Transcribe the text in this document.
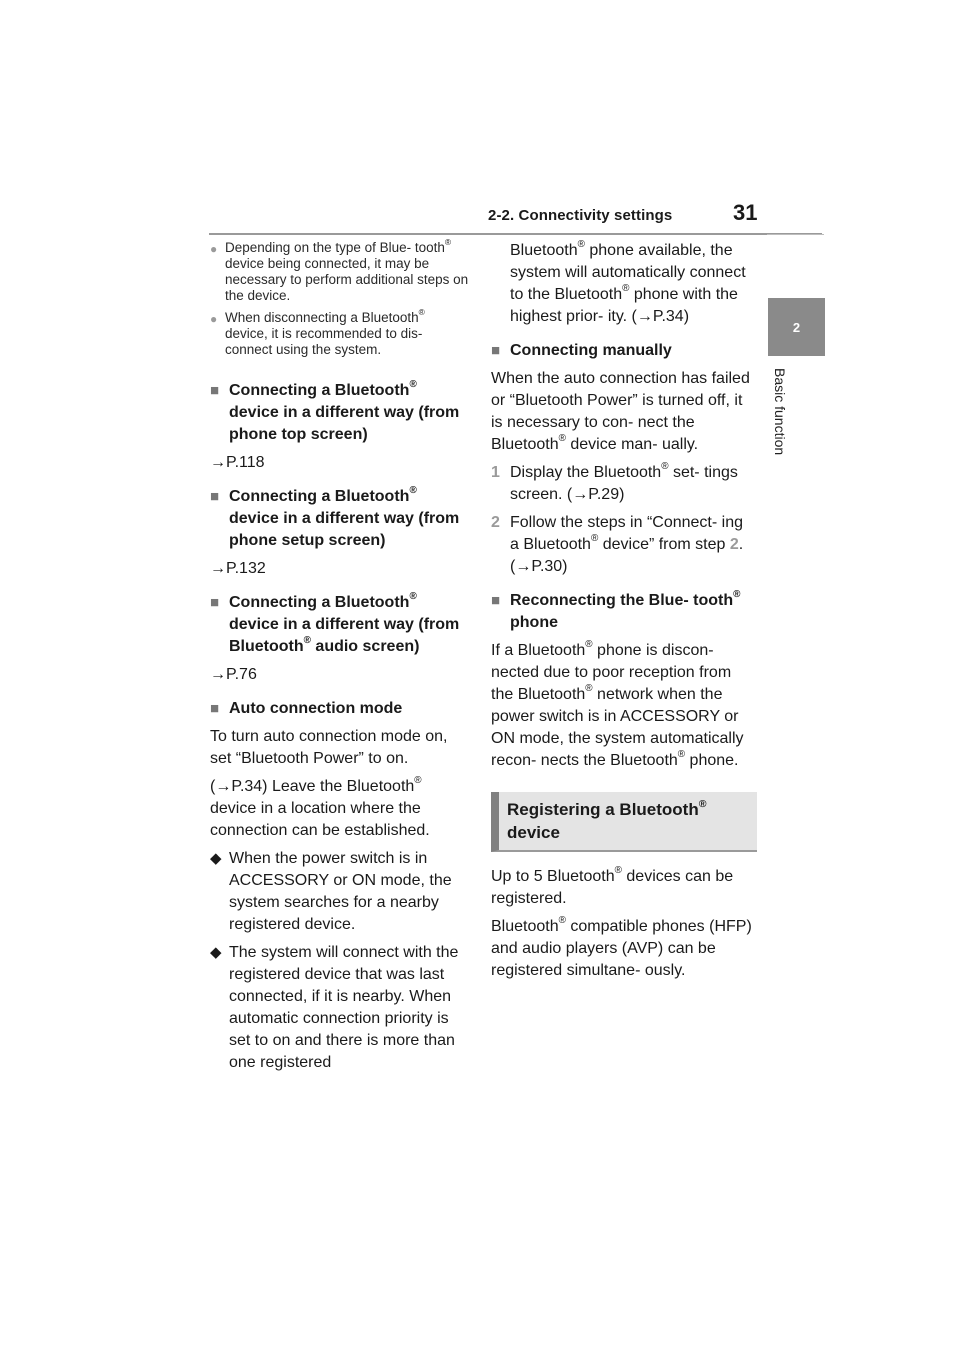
2-2. Connectivity settings	31
2
Basic function
● Depending on the type of Blue- tooth® device being connected, it may be necessary to perform additional steps on the device.
● When disconnecting a Bluetooth® device, it is recommended to dis- connect using the system.
■ Connecting a Bluetooth® device in a different way (from phone top screen)
→P.118
■ Connecting a Bluetooth® device in a different way (from phone setup screen)
→P.132
■ Connecting a Bluetooth® device in a different way (from Bluetooth® audio screen)
→P.76
■ Auto connection mode
To turn auto connection mode on, set “Bluetooth Power” to on.
(→P.34) Leave the Bluetooth® device in a location where the connection can be established.
◆ When the power switch is in ACCESSORY or ON mode, the system searches for a nearby registered device.
◆ The system will connect with the registered device that was last connected, if it is nearby. When automatic connection priority is set to on and there is more than one registered
Bluetooth® phone available, the system will automatically connect to the Bluetooth® phone with the highest prior- ity. (→P.34)
■ Connecting manually
When the auto connection has failed or “Bluetooth Power” is turned off, it is necessary to con- nect the Bluetooth® device man- ually.
1 Display the Bluetooth® set- tings screen. (→P.29)
2 Follow the steps in “Connect- ing a Bluetooth® device” from step 2. (→P.30)
■ Reconnecting the Blue- tooth® phone
If a Bluetooth® phone is discon- nected due to poor reception from the Bluetooth® network when the power switch is in ACCESSORY or ON mode, the system automatically recon- nects the Bluetooth® phone.
Registering a Bluetooth® device
Up to 5 Bluetooth® devices can be registered.
Bluetooth® compatible phones (HFP) and audio players (AVP) can be registered simultane- ously.
